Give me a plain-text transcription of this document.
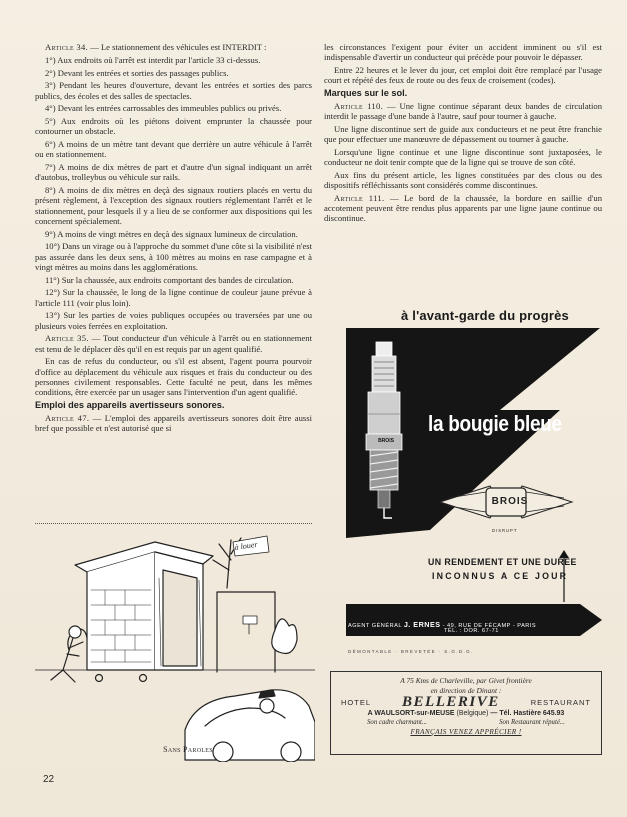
Article 34. — Le stationnement des véhicules est INTERDIT :

1°) Aux endroits où l'arrêt est interdit par l'article 33 ci-dessus.

2°) Devant les entrées et sorties des passages publics.

3°) Pendant les heures d'ouverture, devant les entrées et sorties des parcs publics, des écoles et des salles de spectacles.

4°) Devant les entrées carrossables des immeubles publics ou privés.

5°) Aux endroits où les piétons doivent emprunter la chaussée pour contourner un obstacle.

6°) A moins de un mètre tant devant que derrière un autre véhicule à l'arrêt ou en stationnement.

7°) A moins de dix mètres de part et d'autre d'un signal indiquant un arrêt d'autobus, trolleybus ou véhicule sur rails.

8°) A moins de dix mètres en deçà des signaux routiers placés en vertu du présent règlement, à l'exception des signaux routiers réglementant l'arrêt et le stationnement, pour lesquels il y a lieu de se conformer aux dispositions qui les concernent spécialement.

9°) A moins de vingt mètres en deçà des signaux lumineux de circulation.

10°) Dans un virage ou à l'approche du sommet d'une côte si la visibilité n'est pas assurée dans les deux sens, à 100 mètres au moins en rase campagne et à vingt mètres au moins dans les agglomérations.

11°) Sur la chaussée, aux endroits comportant des bandes de circulation.

12°) Sur la chaussée, le long de la ligne continue de couleur jaune prévue à l'article 111 (voir plus loin).

13°) Sur les parties de voies publiques occupées ou traversées par une ou plusieurs voies ferrées en exploitation.

Article 35. — Tout conducteur d'un véhicule à l'arrêt ou en stationnement est tenu de le déplacer dès qu'il en est requis par un agent qualifié.

En cas de refus du conducteur, ou s'il est absent, l'agent pourra pourvoir d'office au déplacement du véhicule aux risques et frais du conducteur ou des personnes civilement responsables. Cette faculté ne peut, dans les mêmes conditions, être exercée par un usager sans l'intervention d'un agent qualifié.

Emploi des appareils avertisseurs sonores.

Article 47. — L'emploi des appareils avertisseurs sonores doit être aussi bref que possible et n'est autorisé que si

les circonstances l'exigent pour éviter un accident imminent ou s'il est indispensable d'avertir un conducteur qui précède pour pouvoir le dépasser.

Entre 22 heures et le lever du jour, cet emploi doit être remplacé par l'usage court et répété des feux de route ou des feux de croisement (codes).

Marques sur le sol.

Article 110. — Une ligne continue séparant deux bandes de circulation interdit le passage d'une bande à l'autre, sauf pour tourner à gauche.

Une ligne discontinue sert de guide aux conducteurs et ne peut être franchie que pour effectuer une manœuvre de dépassement ou tourner à gauche.

Lorsqu'une ligne continue et une ligne discontinue sont juxtaposées, le conducteur ne doit tenir compte que de la ligne qui se trouve de son côté.

Aux fins du présent article, les lignes constituées par des clous ou des dispositifs réfléchissants sont considérés comme discontinues.

Article 111. — Le bord de la chaussée, la bordure en saillie d'un accotement peuvent être rendus plus apparents par une ligne jaune continue ou discontinue.

à louer
Sans Paroles
à l'avant-garde du progrès
la bougie bleue
BROIS
BROIS
DISRUPT
UN RENDEMENT ET UNE DURÉE
INCONNUS A CE JOUR
AGENT GÉNÉRAL J. ERNES - 49, RUE DE FÉCAMP - PARIS
TÉL. : DOR. 67-71
DÉMONTABLE · BREVETÉE · S.G.D.G.
A 75 Kms de Charleville, par Givet frontière
en direction de Dinant :
HOTEL BELLERIVE	RESTAURANT
A WAULSORT-sur-MEUSE (Belgique) — Tél. Hastière 645.93
Son cadre charmant...	Son Restaurant réputé...
FRANÇAIS VENEZ APPRÉCIER !
22
